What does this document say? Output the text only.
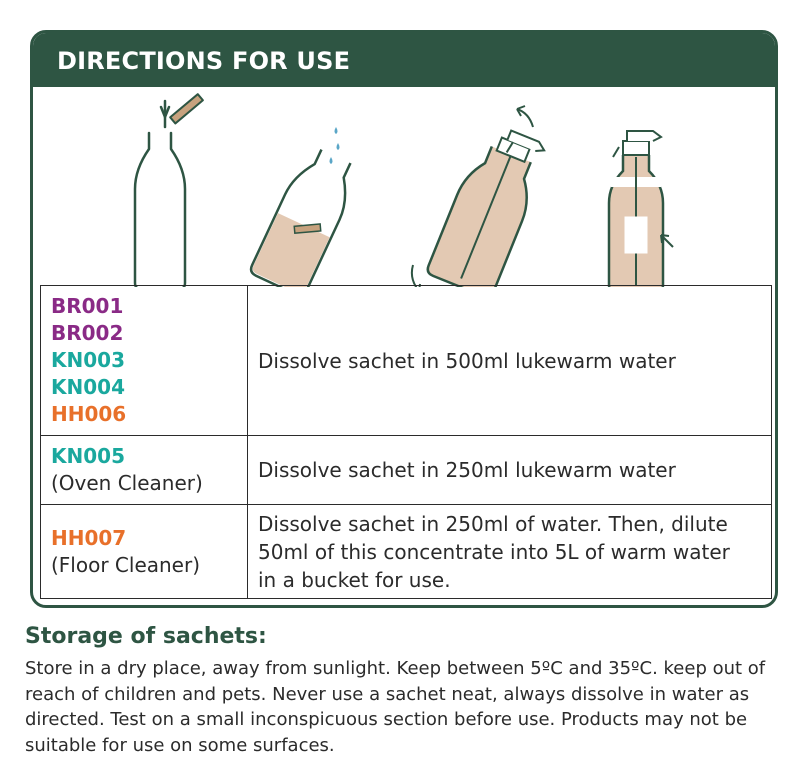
DIRECTIONS FOR USE
BR001
BR002
KN003
KN004
HH006	Dissolve sachet in 500ml lukewarm water

KN005
(Oven Cleaner)	Dissolve sachet in 250ml lukewarm water

HH007
(Floor Cleaner)	Dissolve sachet in 250ml of water. Then, dilute 50ml of this concentrate into 5L of warm water in a bucket for use.
Storage of sachets:
Store in a dry place, away from sunlight. Keep between 5ºC and 35ºC. keep out of reach of children and pets. Never use a sachet neat, always dissolve in water as directed. Test on a small inconspicuous section before use. Products may not be suitable for use on some surfaces.
